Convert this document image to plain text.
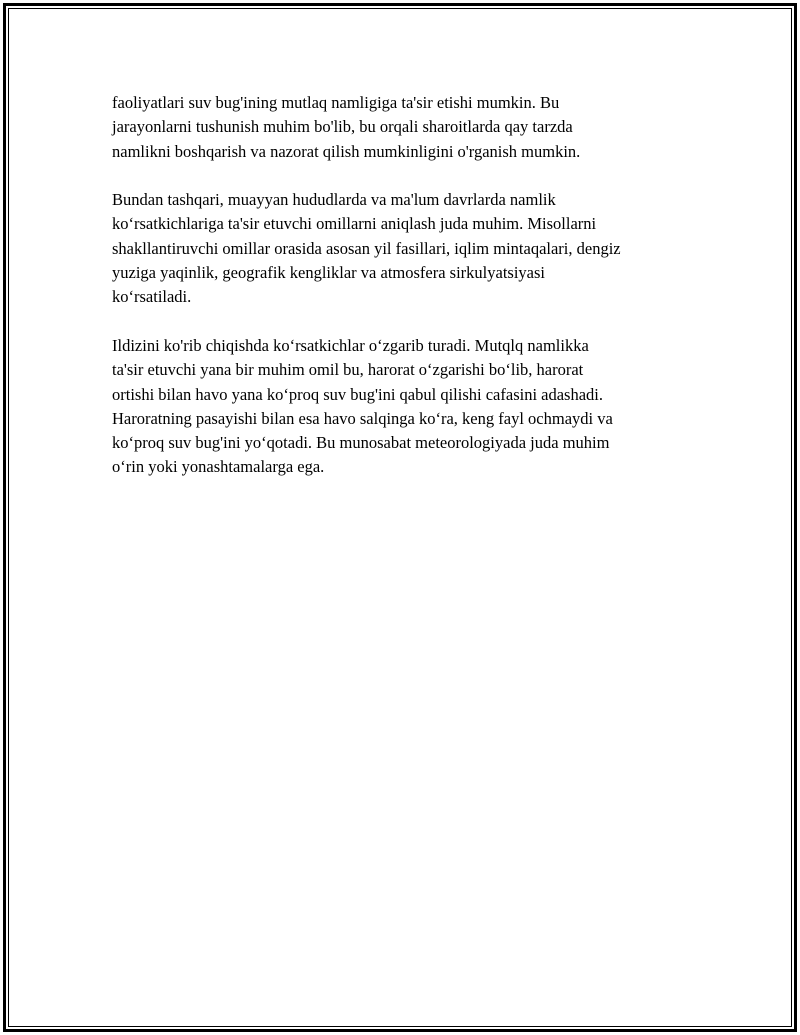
faoliyatlari suv bug'ining mutlaq namligiga ta'sir etishi mumkin. Bu
jarayonlarni tushunish muhim bo'lib, bu orqali sharoitlarda qay tarzda
namlikni boshqarish va nazorat qilish mumkinligini o'rganish mumkin.

Bundan tashqari, muayyan hududlarda va ma'lum davrlarda namlik
koʻrsatkichlariga ta'sir etuvchi omillarni aniqlash juda muhim. Misollarni
shakllantiruvchi omillar orasida asosan yil fasillari, iqlim mintaqalari, dengiz
yuziga yaqinlik, geografik kengliklar va atmosfera sirkulyatsiyasi
koʻrsatiladi.

Ildizini ko'rib chiqishda koʻrsatkichlar oʻzgarib turadi. Mutqlq namlikka
ta'sir etuvchi yana bir muhim omil bu, harorat oʻzgarishi boʻlib, harorat
ortishi bilan havo yana koʻproq suv bug'ini qabul qilishi cafasini adashadi.
Haroratning pasayishi bilan esa havo salqinga koʻra, keng fayl ochmaydi va
koʻproq suv bug'ini yoʻqotadi. Bu munosabat meteorologiyada juda muhim
oʻrin yoki yonashtamalarga ega.
